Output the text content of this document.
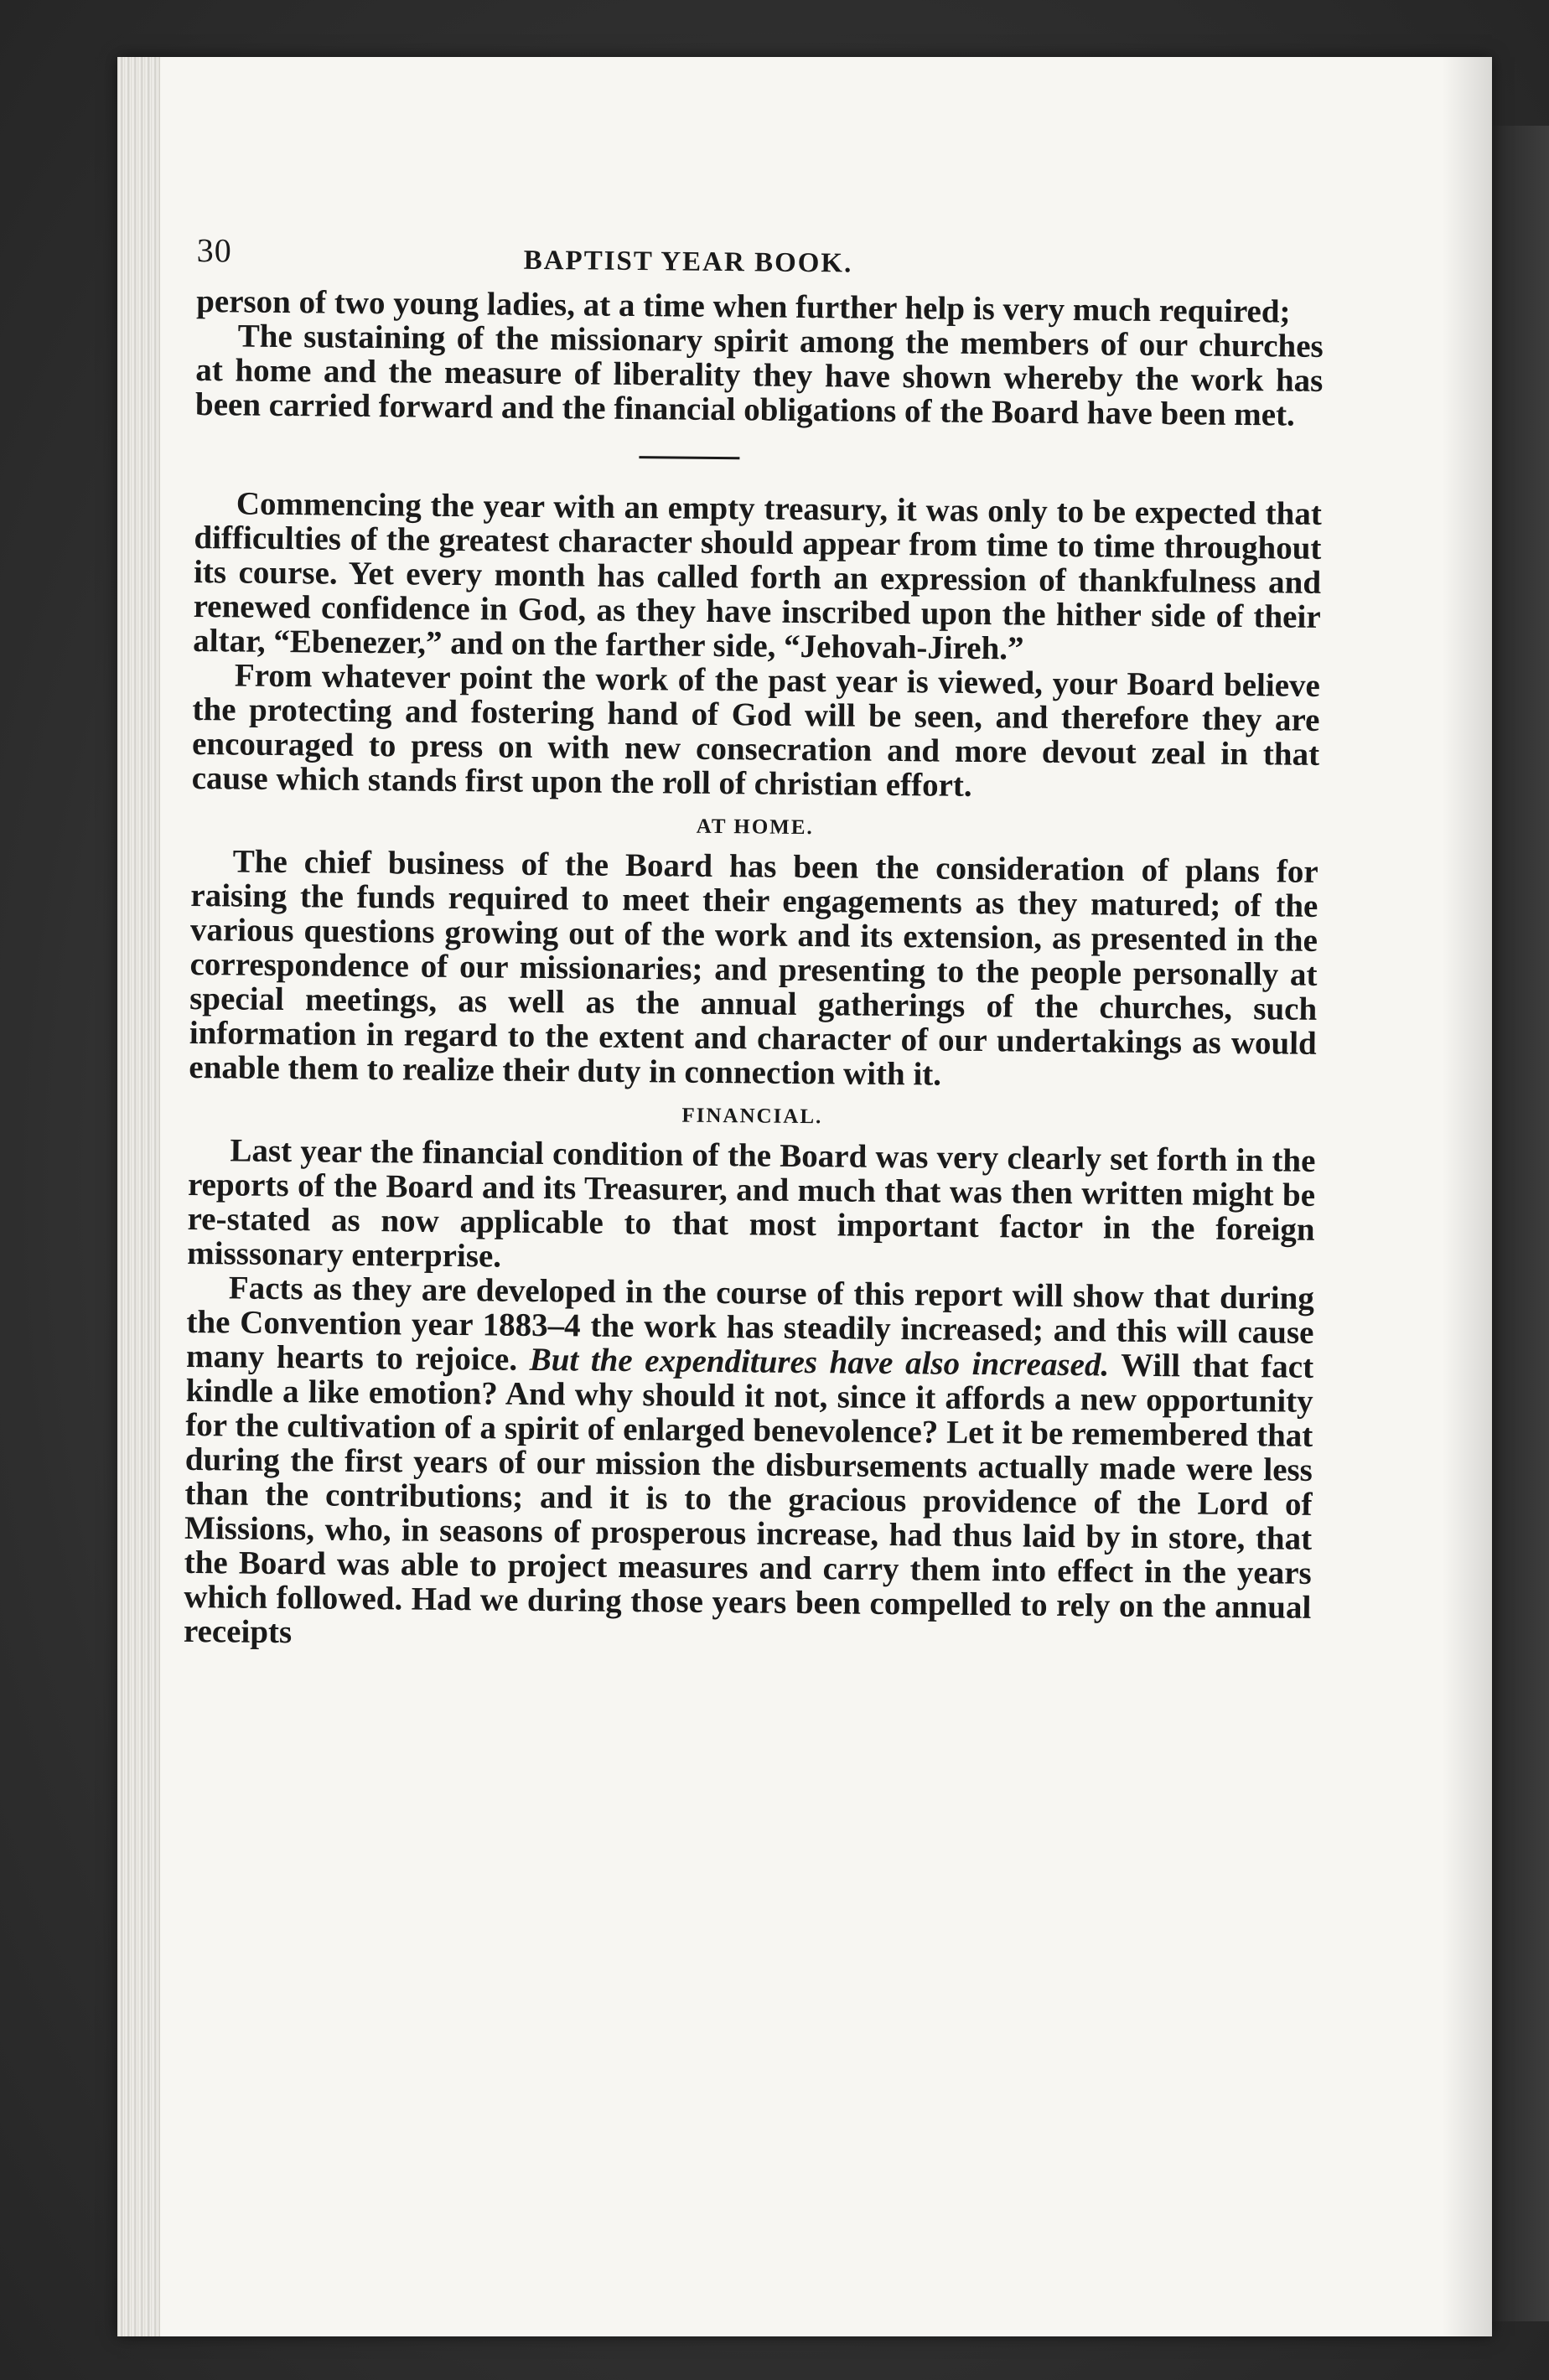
30	BAPTIST YEAR BOOK.

person of two young ladies, at a time when further help is very much required;

The sustaining of the missionary spirit among the members of our churches at home and the measure of liberality they have shown whereby the work has been carried forward and the financial obligations of the Board have been met.

Commencing the year with an empty treasury, it was only to be expected that difficulties of the greatest character should appear from time to time throughout its course. Yet every month has called forth an expression of thankfulness and renewed confidence in God, as they have inscribed upon the hither side of their altar, “Ebenezer,” and on the farther side, “Jehovah-Jireh.”

From whatever point the work of the past year is viewed, your Board believe the protecting and fostering hand of God will be seen, and therefore they are encouraged to press on with new consecration and more devout zeal in that cause which stands first upon the roll of christian effort.

AT HOME.

The chief business of the Board has been the consideration of plans for raising the funds required to meet their engagements as they matured; of the various questions growing out of the work and its extension, as presented in the correspondence of our missionaries; and presenting to the people personally at special meetings, as well as the annual gatherings of the churches, such information in regard to the extent and character of our undertakings as would enable them to realize their duty in connection with it.

FINANCIAL.

Last year the financial condition of the Board was very clearly set forth in the reports of the Board and its Treasurer, and much that was then written might be re-stated as now applicable to that most important factor in the foreign misssonary enterprise.

Facts as they are developed in the course of this report will show that during the Convention year 1883–4 the work has steadily increased; and this will cause many hearts to rejoice. But the expenditures have also increased. Will that fact kindle a like emotion? And why should it not, since it affords a new opportunity for the cultivation of a spirit of enlarged benevolence? Let it be remembered that during the first years of our mission the disbursements actually made were less than the contributions; and it is to the gracious providence of the Lord of Missions, who, in seasons of prosperous increase, had thus laid by in store, that the Board was able to project measures and carry them into effect in the years which followed. Had we during those years been compelled to rely on the annual receipts
